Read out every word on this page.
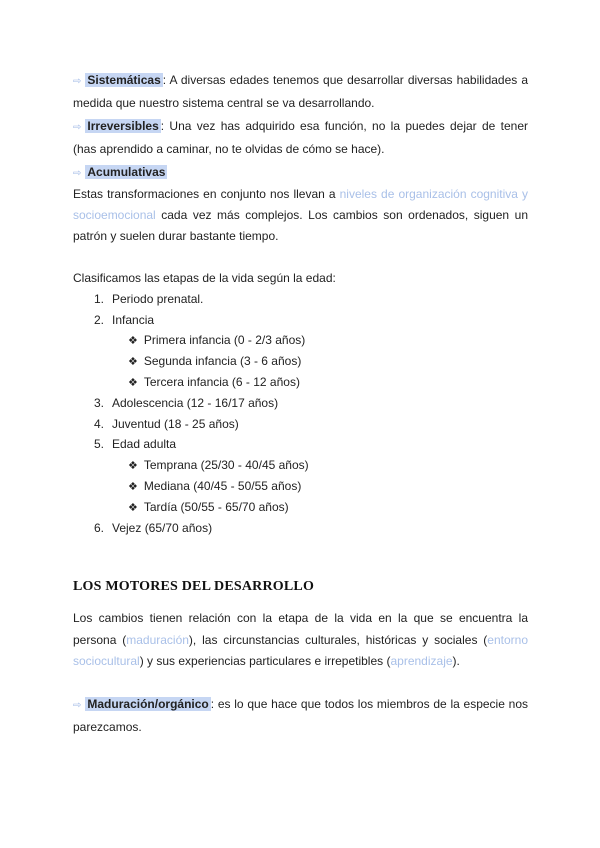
⇨ Sistemáticas : A diversas edades tenemos que desarrollar diversas habilidades a
medida que nuestro sistema central se va desarrollando.
⇨ Irreversibles : Una vez has adquirido esa función, no la puedes dejar de tener
(has aprendido a caminar, no te olvidas de cómo se hace).
⇨ Acumulativas
Estas transformaciones en conjunto nos llevan a niveles de organización cognitiva y
socioemocional cada vez más complejos. Los cambios son ordenados, siguen un
patrón y suelen durar bastante tiempo.
Clasificamos las etapas de la vida según la edad:
1. Periodo prenatal.
2. Infancia
❖ Primera infancia (0 - 2/3 años)
❖ Segunda infancia (3 - 6 años)
❖ Tercera infancia (6 - 12 años)
3. Adolescencia (12 - 16/17 años)
4. Juventud (18 - 25 años)
5. Edad adulta
❖ Temprana (25/30 - 40/45 años)
❖ Mediana (40/45 - 50/55 años)
❖ Tardía (50/55 - 65/70 años)
6. Vejez (65/70 años)
LOS MOTORES DEL DESARROLLO
Los cambios tienen relación con la etapa de la vida en la que se encuentra la
persona (maduración), las circunstancias culturales, históricas y sociales (entorno
sociocultural) y sus experiencias particulares e irrepetibles (aprendizaje).
⇨ Maduración/orgánico : es lo que hace que todos los miembros de la especie nos
parezcamos.
